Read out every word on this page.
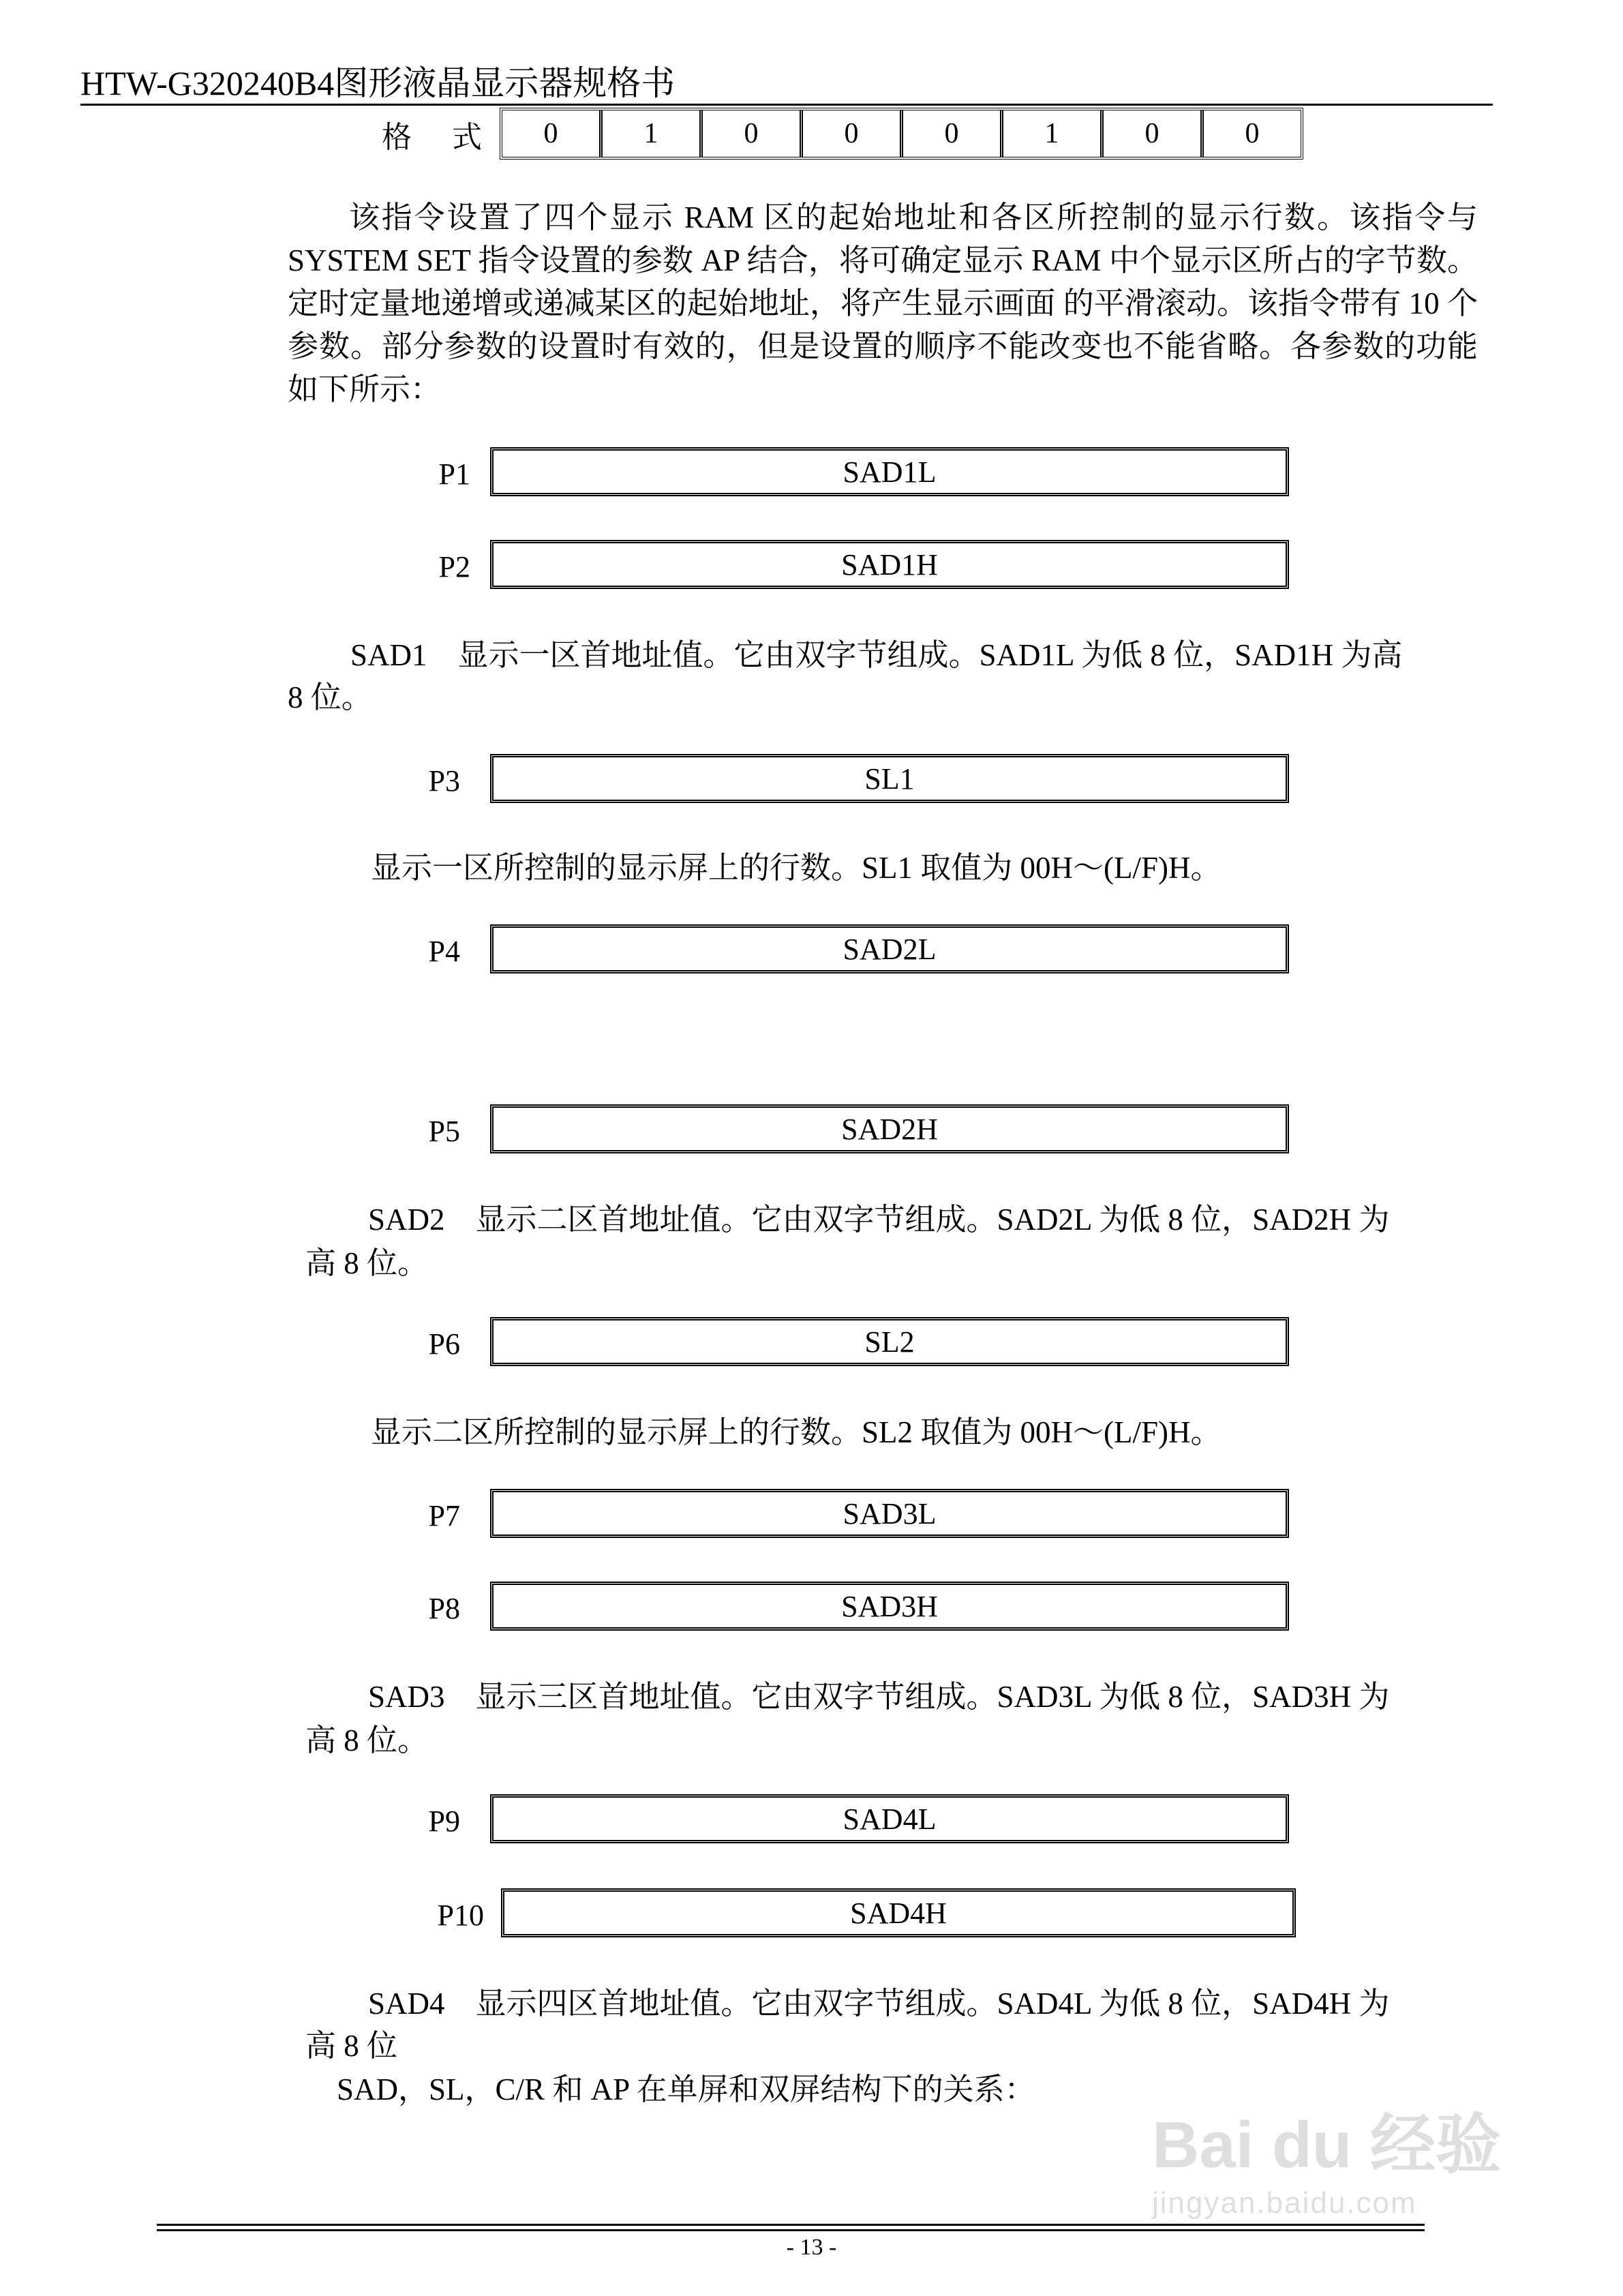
HTW-G320240B4图形液晶显示器规格书
格 式	0	1	0	0	0	1	0	0
该指令设置了四个显示 RAM 区的起始地址和各区所控制的显示行数。该指令与 SYSTEM SET 指令设置的参数 AP 结合，将可确定显示 RAM 中个显示区所占的字节数。定时定量地递增或递减某区的起始地址，将产生显示画面 的平滑滚动。该指令带有 10 个参数。部分参数的设置时有效的，但是设置的顺序不能改变也不能省略。各参数的功能如下所示：
P1	SAD1L
P2	SAD1H
SAD1　显示一区首地址值。它由双字节组成。SAD1L 为低 8 位，SAD1H 为高
8 位。
P3	SL1
显示一区所控制的显示屏上的行数。SL1 取值为 00H～(L/F)H。
P4	SAD2L
P5	SAD2H
SAD2　显示二区首地址值。它由双字节组成。SAD2L 为低 8 位，SAD2H 为
高 8 位。
P6	SL2
显示二区所控制的显示屏上的行数。SL2 取值为 00H～(L/F)H。
P7	SAD3L
P8	SAD3H
SAD3　显示三区首地址值。它由双字节组成。SAD3L 为低 8 位，SAD3H 为
高 8 位。
P9	SAD4L
P10	SAD4H
SAD4　显示四区首地址值。它由双字节组成。SAD4L 为低 8 位，SAD4H 为
高 8 位
SAD，SL，C/R 和 AP 在单屏和双屏结构下的关系：
Bai du 经验
jingyan.baidu.com
- 13 -
